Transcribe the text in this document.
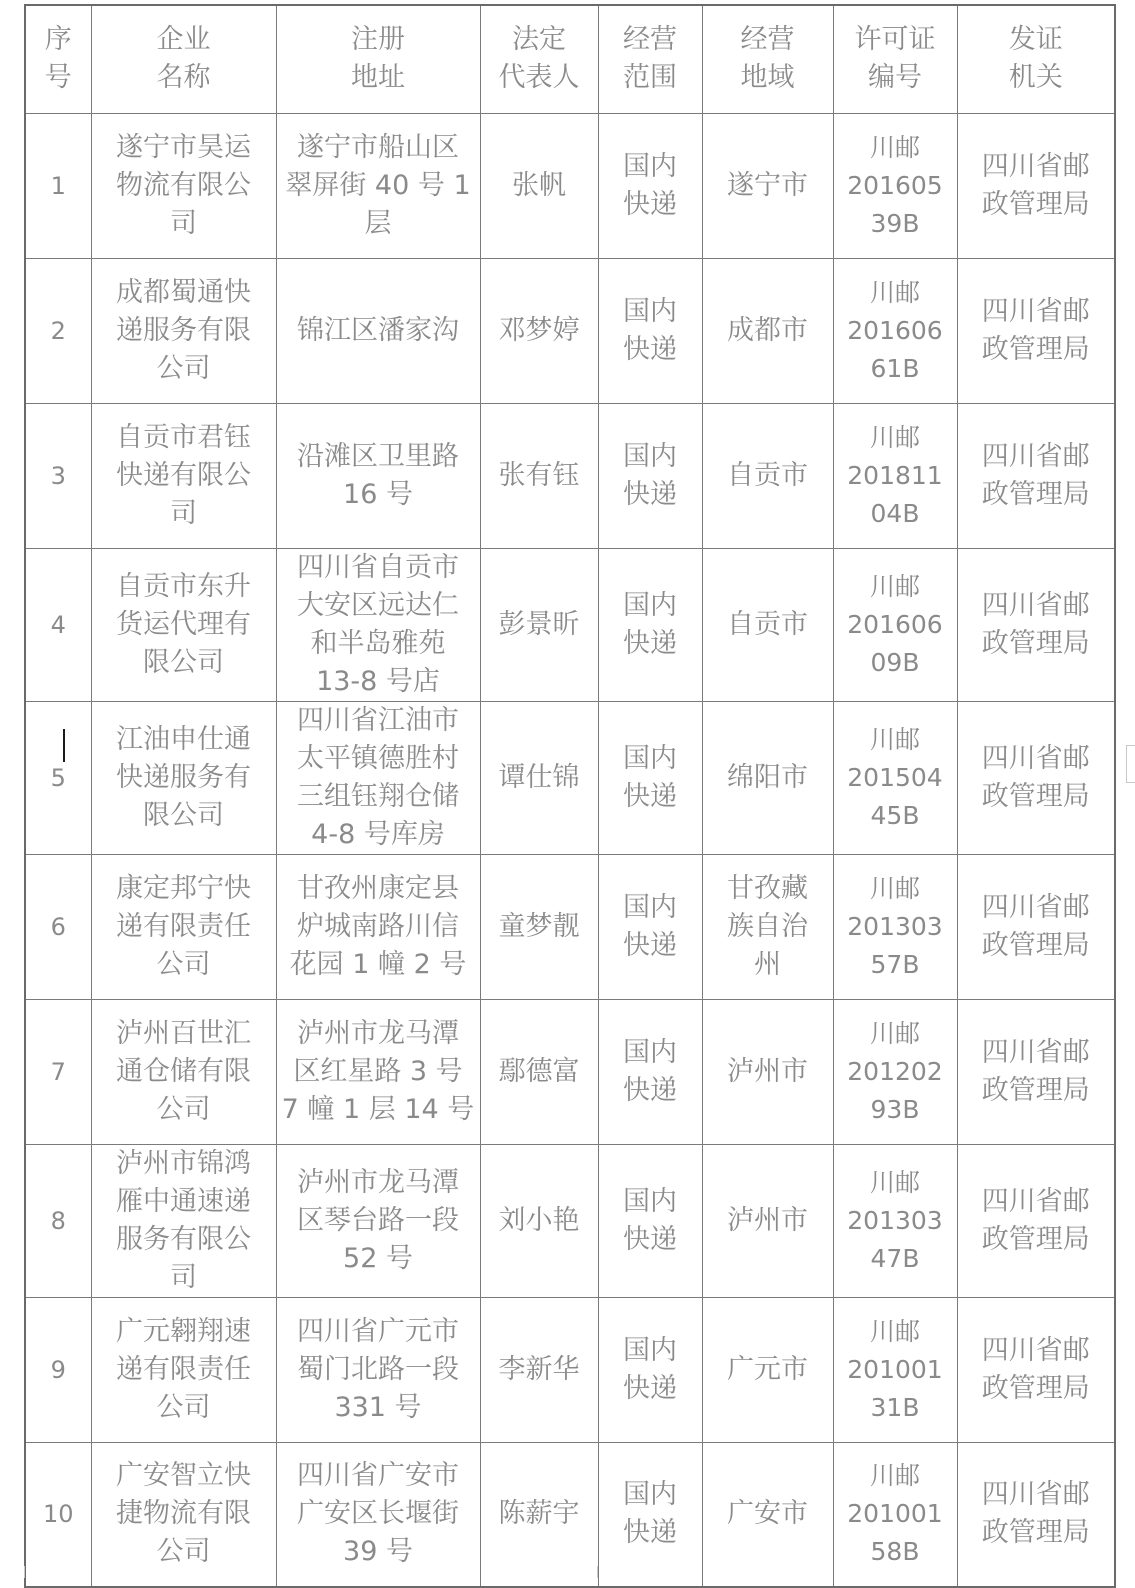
序
号	企业
名称	注册
地址	法定
代表人	经营
范围	经营
地域	许可证
编号	发证
机关
1	遂宁市昊运
物流有限公
司	遂宁市船山区
翠屏街 40 号 1
层	张帆	国内
快递	遂宁市	川邮
201605
39B	四川省邮
政管理局
2	成都蜀通快
递服务有限
公司	锦江区潘家沟	邓梦婷	国内
快递	成都市	川邮
201606
61B	四川省邮
政管理局
3	自贡市君钰
快递有限公
司	沿滩区卫里路
16 号	张有钰	国内
快递	自贡市	川邮
201811
04B	四川省邮
政管理局
4	自贡市东升
货运代理有
限公司	四川省自贡市
大安区远达仁
和半岛雅苑
13-8 号店	彭景昕	国内
快递	自贡市	川邮
201606
09B	四川省邮
政管理局
5	江油申仕通
快递服务有
限公司	四川省江油市
太平镇德胜村
三组钰翔仓储
4-8 号库房	谭仕锦	国内
快递	绵阳市	川邮
201504
45B	四川省邮
政管理局
6	康定邦宁快
递有限责任
公司	甘孜州康定县
炉城南路川信
花园 1 幢 2 号	童梦靓	国内
快递	甘孜藏
族自治
州	川邮
201303
57B	四川省邮
政管理局
7	泸州百世汇
通仓储有限
公司	泸州市龙马潭
区红星路 3 号
7 幢 1 层 14 号	鄢德富	国内
快递	泸州市	川邮
201202
93B	四川省邮
政管理局
8	泸州市锦鸿
雁中通速递
服务有限公
司	泸州市龙马潭
区琴台路一段
52 号	刘小艳	国内
快递	泸州市	川邮
201303
47B	四川省邮
政管理局
9	广元翱翔速
递有限责任
公司	四川省广元市
蜀门北路一段
331 号	李新华	国内
快递	广元市	川邮
201001
31B	四川省邮
政管理局
10	广安智立快
捷物流有限
公司	四川省广安市
广安区长堰街
39 号	陈薪宇	国内
快递	广安市	川邮
201001
58B	四川省邮
政管理局
